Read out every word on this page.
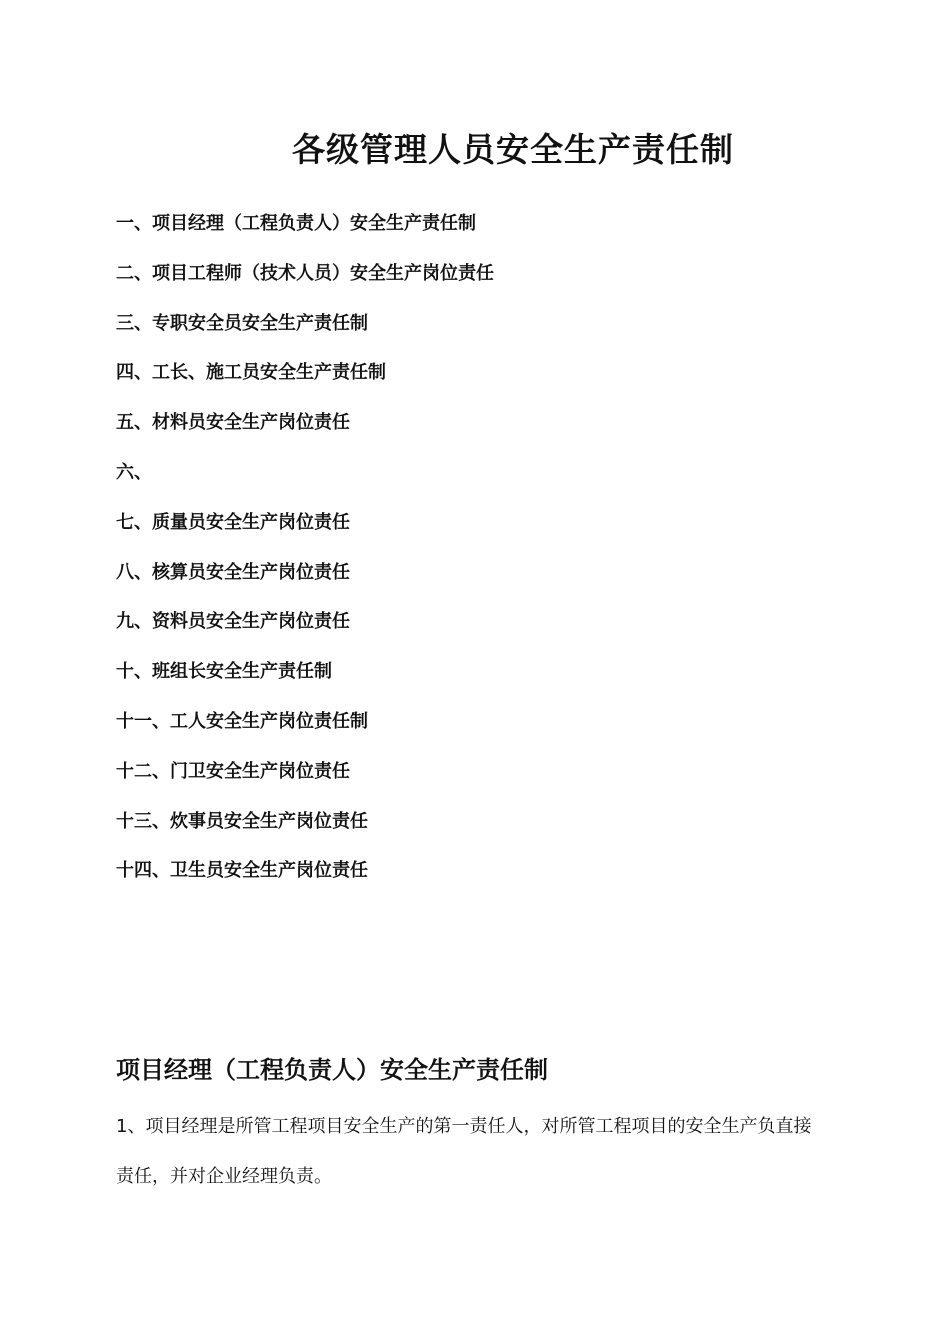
各级管理人员安全生产责任制
一、项目经理（工程负责人）安全生产责任制
二、项目工程师（技术人员）安全生产岗位责任
三、专职安全员安全生产责任制
四、工长、施工员安全生产责任制
五、材料员安全生产岗位责任
六、
七、质量员安全生产岗位责任
八、核算员安全生产岗位责任
九、资料员安全生产岗位责任
十、班组长安全生产责任制
十一、工人安全生产岗位责任制
十二、门卫安全生产岗位责任
十三、炊事员安全生产岗位责任
十四、卫生员安全生产岗位责任
项目经理（工程负责人）安全生产责任制

1、项目经理是所管工程项目安全生产的第一责任人，对所管工程项目的安全生产负直接责任，并对企业经理负责。
